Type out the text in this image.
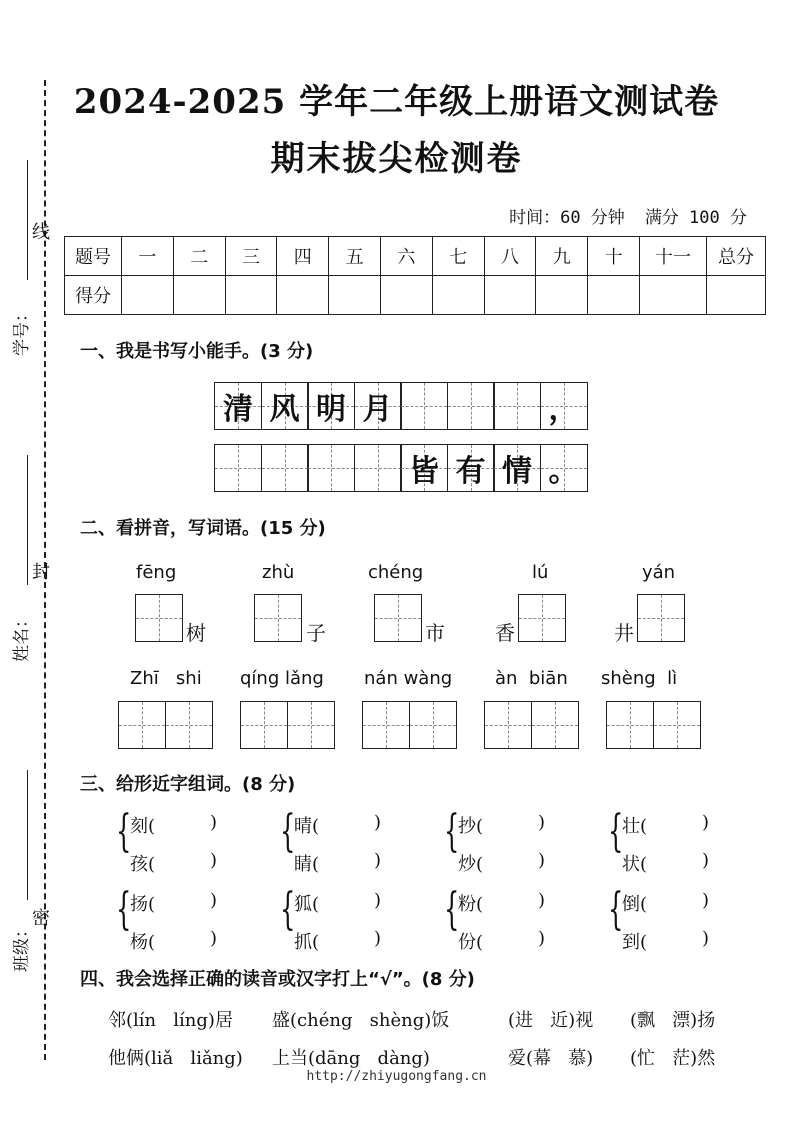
线
封
密
学号：
姓名：
班级：
2024-2025 学年二年级上册语文测试卷
期末拔尖检测卷
时间：60 分钟 满分 100 分
题号	一	二	三	四	五	六	七	八	九	十	十一	总分
得分												
一、我是书写小能手。(3 分)
清 风 明 月	，
皆 有 情 。
二、看拼音，写词语。(15 分)
fēng	zhù	chéng	lú	yán
树	子	市	香	井
Zhī   shi qíng lǎng nán wàng àn  biān shèng  lì
三、给形近字组词。(8 分)
{
刻(	)
孩(	)
{
晴(	)
睛(	)
{
抄(	)
炒(	)
{
壮(	)
状(	)
{
扬(	)
杨(	)
{
狐(	)
抓(	)
{
粉(	)
份(	)
{
倒(	)
到(	)
四、我会选择正确的读音或汉字打上“√”。(8 分)
邻(lín   líng)居 盛(chéng   shèng)饭	(进   近)视 (飘   漂)扬
他俩(liǎ   liǎng) 上当(dāng   dàng)	爱(幕   慕) (忙   茫)然
http://zhiyugongfang.cn
